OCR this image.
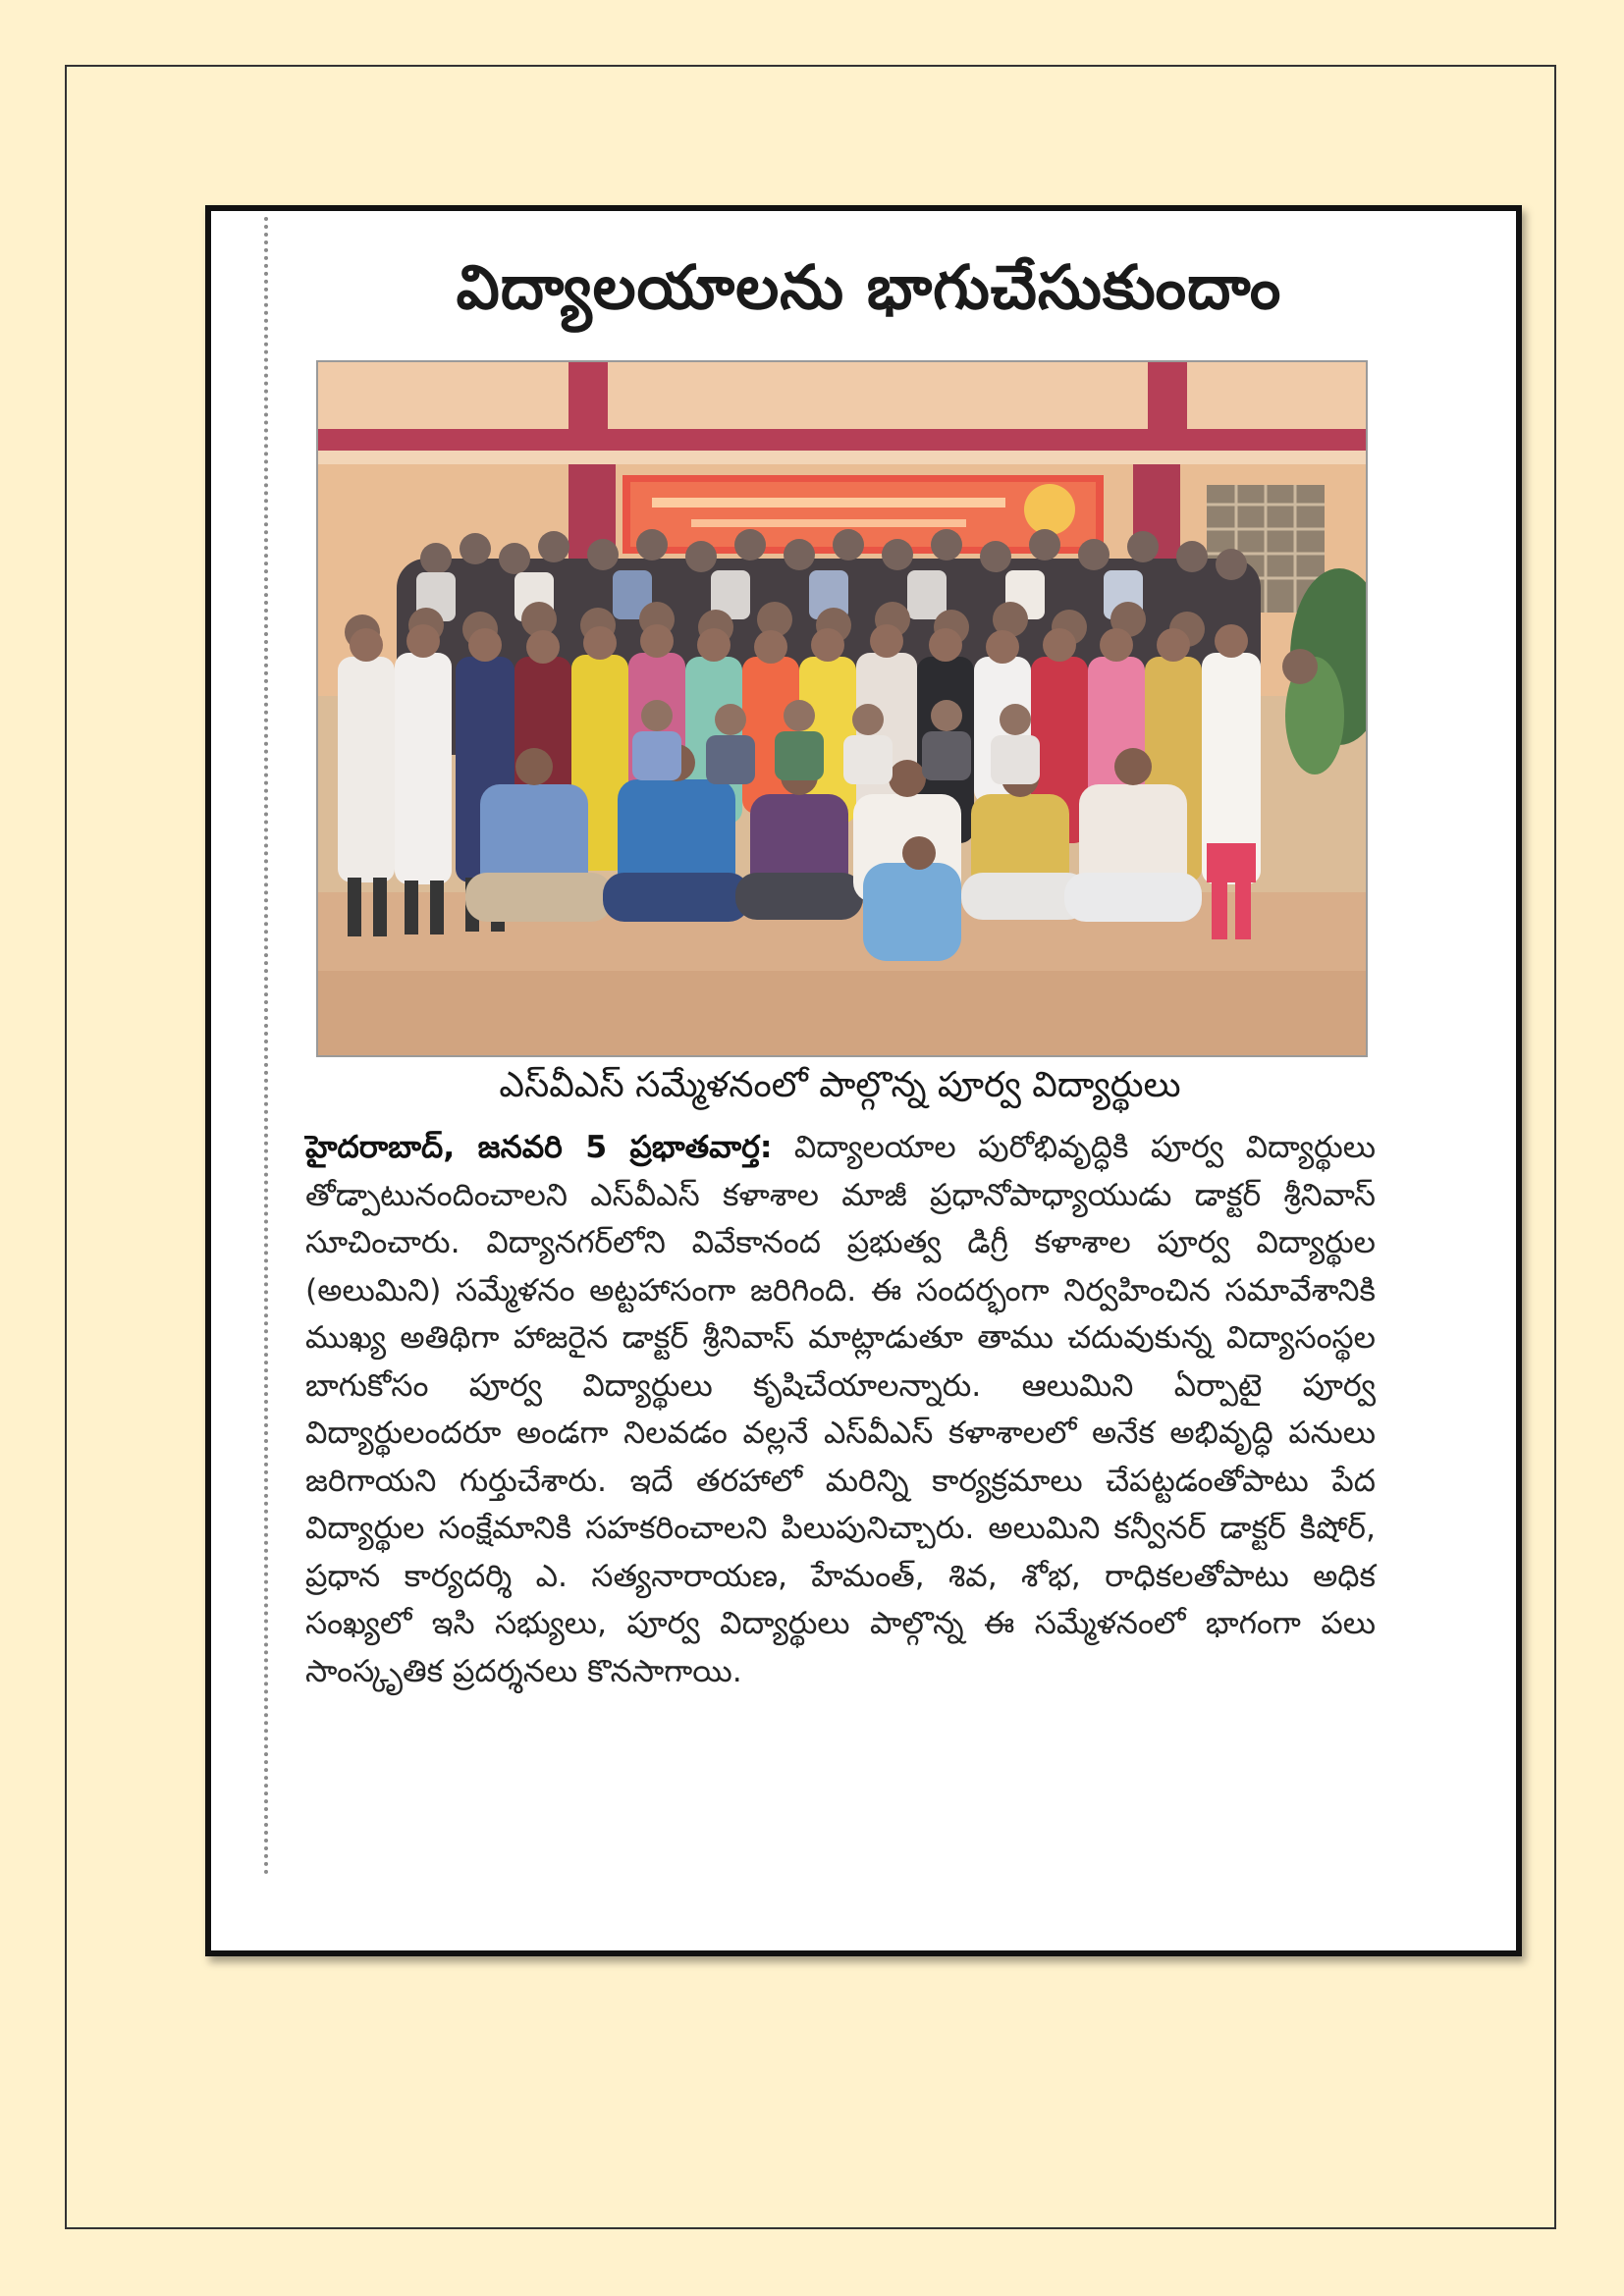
విద్యాలయాలను భాగుచేసుకుందాం
ఎస్‌వీఎస్ సమ్మేళనంలో పాల్గొన్న పూర్వ విద్యార్థులు

హైదరాబాద్, జనవరి 5 ప్రభాతవార్త: విద్యాలయాల పురోభివృద్ధికి పూర్వ విద్యార్థులు తోడ్పాటునందించాలని ఎస్‌వీఎస్ కళాశాల మాజీ ప్రధానోపాధ్యాయుడు డాక్టర్ శ్రీనివాస్ సూచించారు. విద్యానగర్‌లోని వివేకానంద ప్రభుత్వ డిగ్రీ కళాశాల పూర్వ విద్యార్థుల (అలుమిని) సమ్మేళనం అట్టహాసంగా జరిగింది. ఈ సందర్భంగా నిర్వహించిన సమావేశానికి ముఖ్య అతిథిగా హాజరైన డాక్టర్ శ్రీనివాస్ మాట్లాడుతూ తాము చదువుకున్న విద్యాసంస్థల బాగుకోసం పూర్వ విద్యార్థులు కృషిచేయాలన్నారు. ఆలుమిని ఏర్పాటై పూర్వ విద్యార్థులందరూ అండగా నిలవడం వల్లనే ఎస్‌వీఎస్ కళాశాలలో అనేక అభివృద్ధి పనులు జరిగాయని గుర్తుచేశారు. ఇదే తరహాలో మరిన్ని కార్యక్రమాలు చేపట్టడంతోపాటు పేద విద్యార్థుల సంక్షేమానికి సహకరించాలని పిలుపునిచ్చారు. అలుమిని కన్వీనర్ డాక్టర్ కిషోర్, ప్రధాన కార్యదర్శి ఎ. సత్యనారాయణ, హేమంత్, శివ, శోభ, రాధికలతోపాటు అధిక సంఖ్యలో ఇసి సభ్యులు, పూర్వ విద్యార్థులు పాల్గొన్న ఈ సమ్మేళనంలో భాగంగా పలు సాంస్కృతిక ప్రదర్శనలు కొనసాగాయి.
